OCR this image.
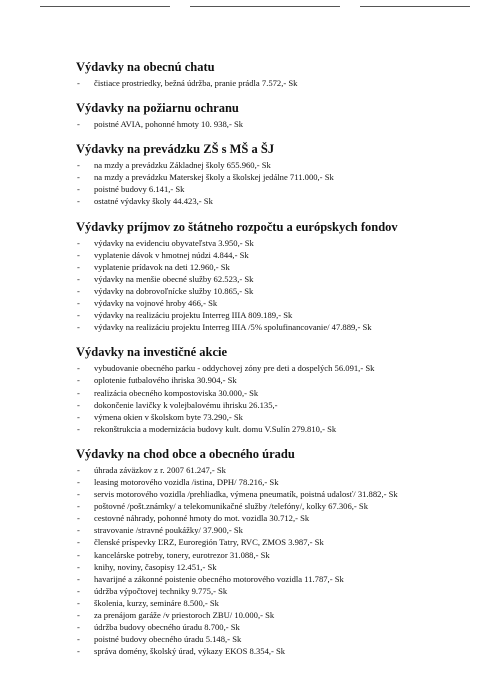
Výdavky na obecnú chatu
- čistiace prostriedky, bežná údržba, pranie prádla 7.572,- Sk
Výdavky na požiarnu ochranu
- poistné AVIA, pohonné hmoty 10. 938,- Sk
Výdavky na prevádzku ZŠ s MŠ a ŠJ
- na mzdy a prevádzku Základnej školy 655.960,- Sk
- na mzdy a prevádzku Materskej školy a školskej jedálne 711.000,- Sk
- poistné budovy 6.141,- Sk
- ostatné výdavky školy 44.423,- Sk
Výdavky príjmov zo štátneho rozpočtu a európskych fondov
- výdavky na evidenciu obyvateľstva 3.950,- Sk
- vyplatenie dávok v hmotnej núdzi 4.844,- Sk
- vyplatenie prídavok na deti 12.960,- Sk
- výdavky na menšie obecné služby 62.523,- Sk
- výdavky na dobrovoľnícke služby 10.865,- Sk
- výdavky na vojnové hroby 466,- Sk
- výdavky na realizáciu projektu Interreg IIIA 809.189,- Sk
- výdavky na realizáciu projektu Interreg IIIA /5% spolufinancovanie/ 47.889,- Sk
Výdavky na investičné akcie
- vybudovanie obecného parku - oddychovej zóny pre deti a dospelých 56.091,- Sk
- oplotenie futbalového ihriska 30.904,- Sk
- realizácia obecného kompostoviska 30.000,- Sk
- dokončenie lavičky k volejbalovému ihrisku 26.135,-
- výmena okien v školskom byte 73.290,- Sk
- rekonštrukcia a modernizácia budovy kult. domu V.Sulín 279.810,- Sk
Výdavky na chod obce a obecného úradu
- úhrada záväzkov z r. 2007 61.247,- Sk
- leasing motorového vozidla /istina, DPH/ 78.216,- Sk
- servis motorového vozidla /prehliadka, výmena pneumatík, poistná udalosť/ 31.882,- Sk
- poštovné /pošt.známky/ a telekomunikačné služby /telefóny/, kolky 67.306,- Sk
- cestovné náhrady, pohonné hmoty do mot. vozidla 30.712,- Sk
- stravovanie /stravné poukážky/ 37.900,- Sk
- členské príspevky ĽRZ, Euroregión Tatry, RVC, ZMOS 3.987,- Sk
- kancelárske potreby, tonery, eurotrezor 31.088,- Sk
- knihy, noviny, časopisy 12.451,- Sk
- havarijné a zákonné poistenie obecného motorového vozidla 11.787,- Sk
- údržba výpočtovej techniky 9.775,- Sk
- školenia, kurzy, semináre 8.500,- Sk
- za prenájom garáže /v priestoroch ZBU/ 10.000,- Sk
- údržba budovy obecného úradu 8.700,- Sk
- poistné budovy obecného úradu 5.148,- Sk
- správa domény, školský úrad, výkazy EKOS 8.354,- Sk
